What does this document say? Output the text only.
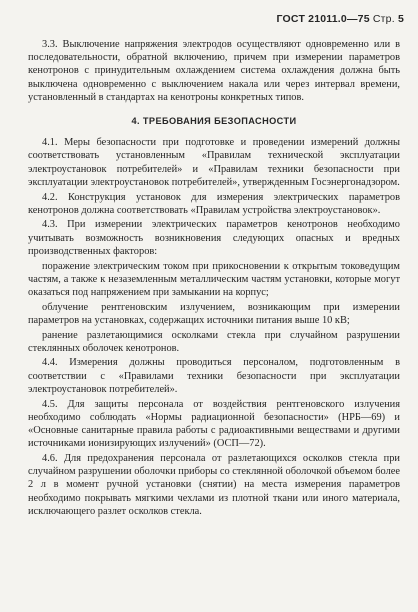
ГОСТ 21011.0—75 Стр. 5

3.3. Выключение напряжения электродов осуществляют одновременно или в последовательности, обратной включению, причем при измерении параметров кенотронов с принудительным охлаждением система охлаждения должна быть выключена одновременно с выключением накала или через интервал времени, установленный в стандартах на кенотроны конкретных типов.

4. ТРЕБОВАНИЯ БЕЗОПАСНОСТИ

4.1. Меры безопасности при подготовке и проведении измерений должны соответствовать установленным «Правилам технической эксплуатации электроустановок потребителей» и «Правилам техники безопасности при эксплуатации электроустановок потребителей», утвержденным Госэнергонадзором.

4.2. Конструкция установок для измерения электрических параметров кенотронов должна соответствовать «Правилам устройства электроустановок».

4.3. При измерении электрических параметров кенотронов необходимо учитывать возможность возникновения следующих опасных и вредных производственных факторов:

поражение электрическим током при прикосновении к открытым токоведущим частям, а также к незаземленным металлическим частям установки, которые могут оказаться под напряжением при замыкании на корпус;

облучение рентгеновским излучением, возникающим при измерении параметров на установках, содержащих источники питания выше 10 кВ;

ранение разлетающимися осколками стекла при случайном разрушении стеклянных оболочек кенотронов.

4.4. Измерения должны проводиться персоналом, подготовленным в соответствии с «Правилами техники безопасности при эксплуатации электроустановок потребителей».

4.5. Для защиты персонала от воздействия рентгеновского излучения необходимо соблюдать «Нормы радиационной безопасности» (НРБ—69) и «Основные санитарные правила работы с радиоактивными веществами и другими источниками ионизирующих излучений» (ОСП—72).

4.6. Для предохранения персонала от разлетающихся осколков стекла при случайном разрушении оболочки приборы со стеклянной оболочкой объемом более 2 л в момент ручной установки (снятии) на места измерения параметров необходимо покрывать мягкими чехлами из плотной ткани или иного материала, исключающего разлет осколков стекла.
